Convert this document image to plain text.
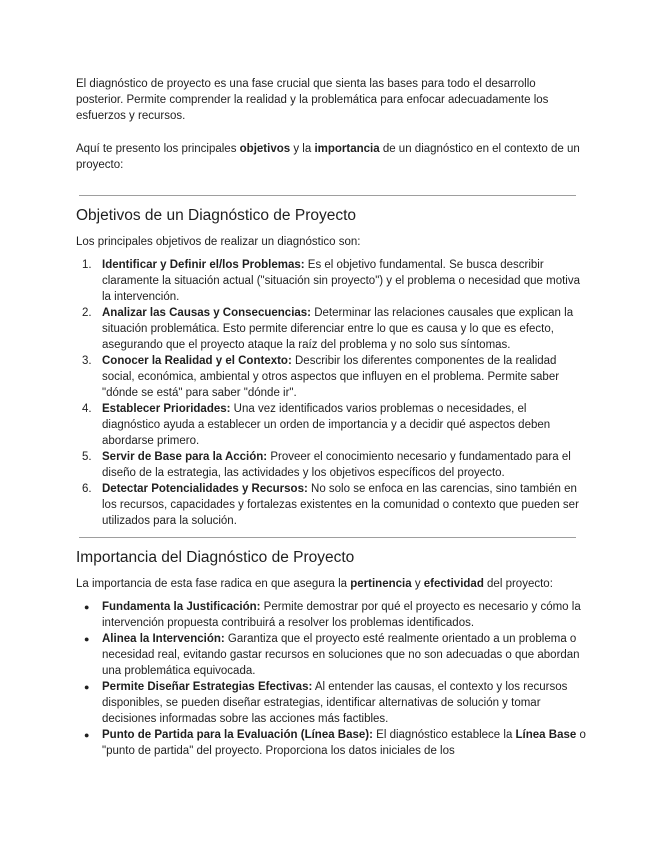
El diagnóstico de proyecto es una fase crucial que sienta las bases para todo el desarrollo posterior. Permite comprender la realidad y la problemática para enfocar adecuadamente los esfuerzos y recursos.

Aquí te presento los principales objetivos y la importancia de un diagnóstico en el contexto de un proyecto:

Objetivos de un Diagnóstico de Proyecto

Los principales objetivos de realizar un diagnóstico son:

1. Identificar y Definir el/los Problemas: Es el objetivo fundamental. Se busca describir claramente la situación actual ("situación sin proyecto") y el problema o necesidad que motiva la intervención.
2. Analizar las Causas y Consecuencias: Determinar las relaciones causales que explican la situación problemática. Esto permite diferenciar entre lo que es causa y lo que es efecto, asegurando que el proyecto ataque la raíz del problema y no solo sus síntomas.
3. Conocer la Realidad y el Contexto: Describir los diferentes componentes de la realidad social, económica, ambiental y otros aspectos que influyen en el problema. Permite saber "dónde se está" para saber "dónde ir".
4. Establecer Prioridades: Una vez identificados varios problemas o necesidades, el diagnóstico ayuda a establecer un orden de importancia y a decidir qué aspectos deben abordarse primero.
5. Servir de Base para la Acción: Proveer el conocimiento necesario y fundamentado para el diseño de la estrategia, las actividades y los objetivos específicos del proyecto.
6. Detectar Potencialidades y Recursos: No solo se enfoca en las carencias, sino también en los recursos, capacidades y fortalezas existentes en la comunidad o contexto que pueden ser utilizados para la solución.
Importancia del Diagnóstico de Proyecto

La importancia de esta fase radica en que asegura la pertinencia y efectividad del proyecto:

● Fundamenta la Justificación: Permite demostrar por qué el proyecto es necesario y cómo la intervención propuesta contribuirá a resolver los problemas identificados.
● Alinea la Intervención: Garantiza que el proyecto esté realmente orientado a un problema o necesidad real, evitando gastar recursos en soluciones que no son adecuadas o que abordan una problemática equivocada.
● Permite Diseñar Estrategias Efectivas: Al entender las causas, el contexto y los recursos disponibles, se pueden diseñar estrategias, identificar alternativas de solución y tomar decisiones informadas sobre las acciones más factibles.
● Punto de Partida para la Evaluación (Línea Base): El diagnóstico establece la Línea Base o "punto de partida" del proyecto. Proporciona los datos iniciales de los
